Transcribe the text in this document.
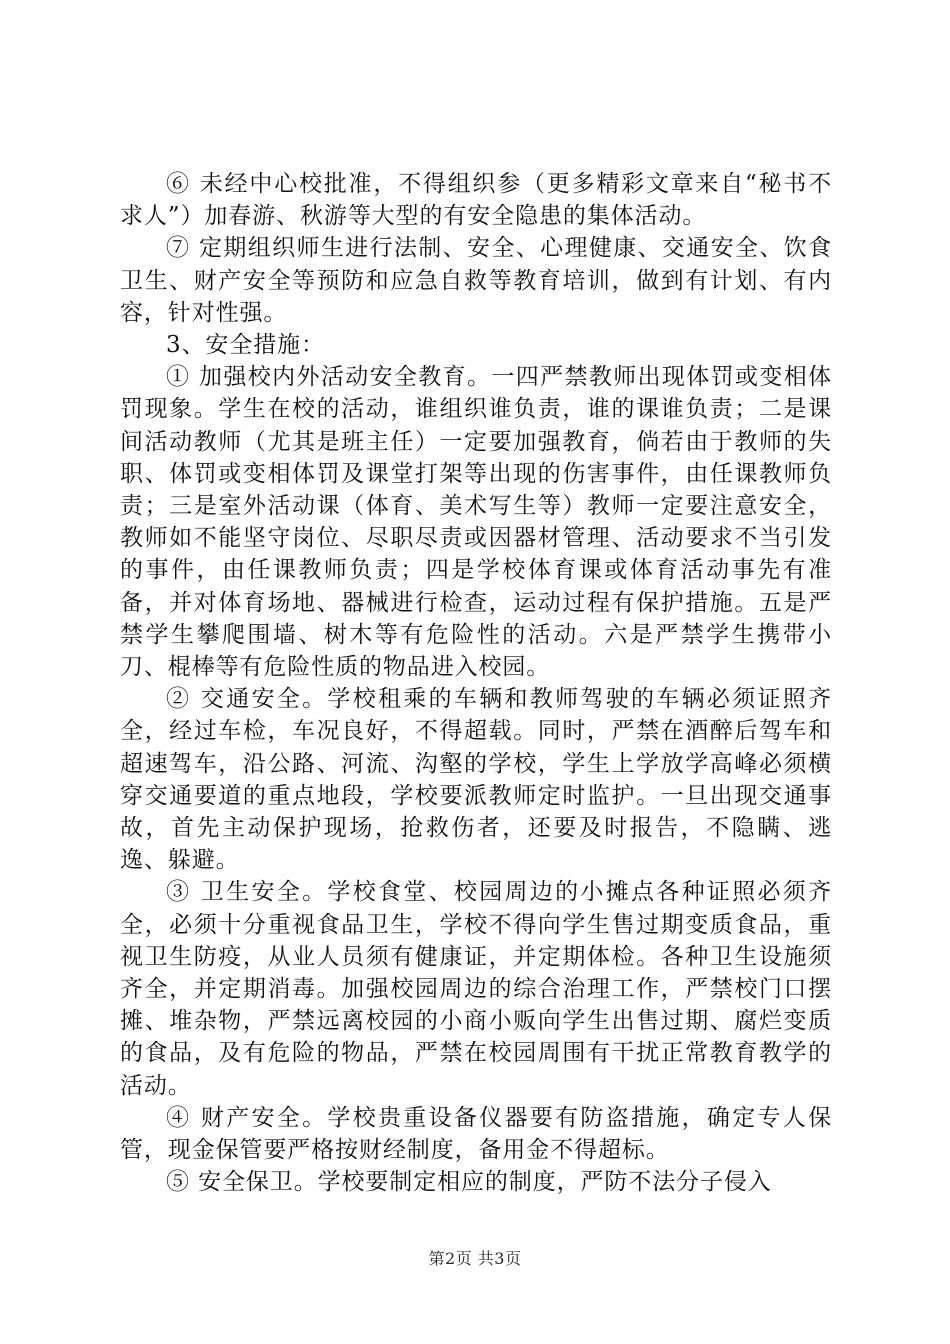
⑥ 未经中心校批准，不得组织参（更多精彩文章来自“秘书不求人”）加春游、秋游等大型的有安全隐患的集体活动。

⑦ 定期组织师生进行法制、安全、心理健康、交通安全、饮食卫生、财产安全等预防和应急自救等教育培训，做到有计划、有内容，针对性强。

3、安全措施：

① 加强校内外活动安全教育。一四严禁教师出现体罚或变相体罚现象。学生在校的活动，谁组织谁负责，谁的课谁负责；二是课间活动教师（尤其是班主任）一定要加强教育，倘若由于教师的失职、体罚或变相体罚及课堂打架等出现的伤害事件，由任课教师负责；三是室外活动课（体育、美术写生等）教师一定要注意安全，教师如不能坚守岗位、尽职尽责或因器材管理、活动要求不当引发的事件，由任课教师负责；四是学校体育课或体育活动事先有准备，并对体育场地、器械进行检查，运动过程有保护措施。五是严禁学生攀爬围墙、树木等有危险性的活动。六是严禁学生携带小刀、棍棒等有危险性质的物品进入校园。

② 交通安全。学校租乘的车辆和教师驾驶的车辆必须证照齐全，经过车检，车况良好，不得超载。同时，严禁在酒醉后驾车和超速驾车，沿公路、河流、沟壑的学校，学生上学放学高峰必须横穿交通要道的重点地段，学校要派教师定时监护。一旦出现交通事故，首先主动保护现场，抢救伤者，还要及时报告，不隐瞒、逃逸、躲避。

③ 卫生安全。学校食堂、校园周边的小摊点各种证照必须齐全，必须十分重视食品卫生，学校不得向学生售过期变质食品，重视卫生防疫，从业人员须有健康证，并定期体检。各种卫生设施须齐全，并定期消毒。加强校园周边的综合治理工作，严禁校门口摆摊、堆杂物，严禁远离校园的小商小贩向学生出售过期、腐烂变质的食品，及有危险的物品，严禁在校园周围有干扰正常教育教学的活动。

④ 财产安全。学校贵重设备仪器要有防盗措施，确定专人保管，现金保管要严格按财经制度，备用金不得超标。

⑤ 安全保卫。学校要制定相应的制度，严防不法分子侵入

第2页 共3页
